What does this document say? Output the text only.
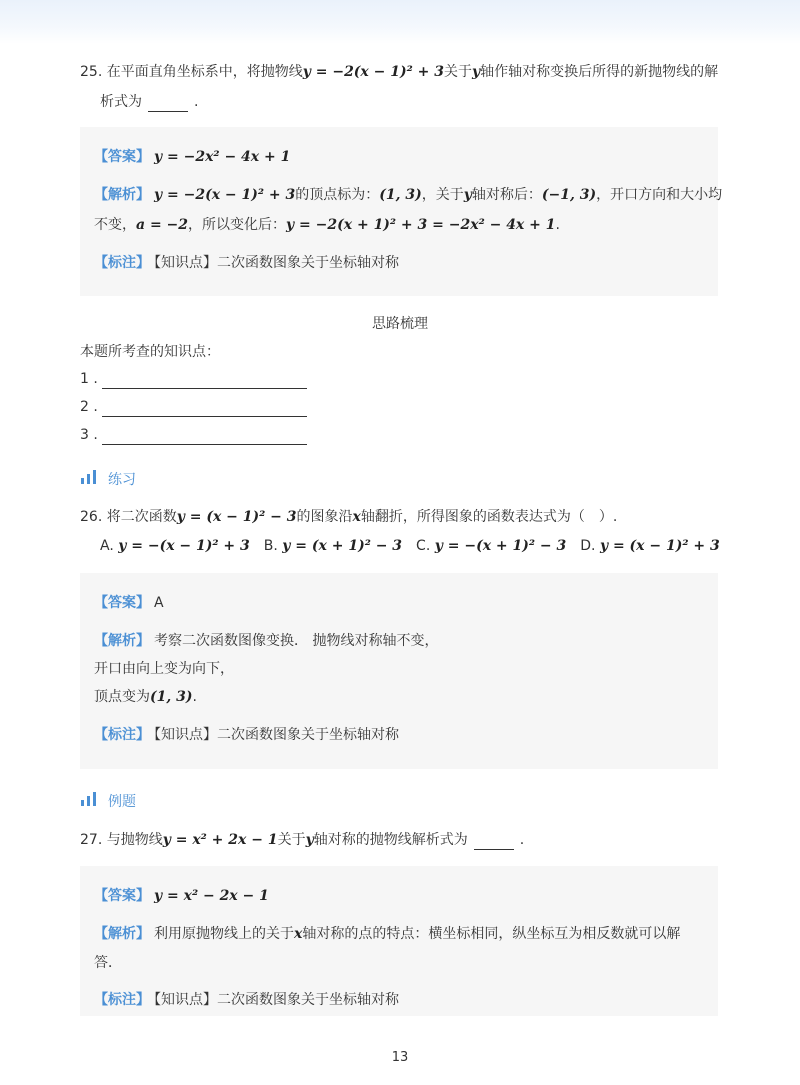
25. 在平面直角坐标系中，将抛物线y = −2(x − 1)² + 3关于y轴作轴对称变换后所得的新抛物线的解
析式为	.
【答案】 y = −2x² − 4x + 1
【解析】 y = −2(x − 1)² + 3的顶点标为：(1, 3)，关于y轴对称后：(−1, 3)，开口方向和大小均
不变，a = −2，所以变化后：y = −2(x + 1)² + 3 = −2x² − 4x + 1.
【标注】 【知识点】二次函数图象关于坐标轴对称
思路梳理
本题所考查的知识点：
1 .
2 .
3 .
练习
26. 将二次函数y = (x − 1)² − 3的图象沿x轴翻折，所得图象的函数表达式为（　）.
A. y = −(x − 1)² + 3 B. y = (x + 1)² − 3 C. y = −(x + 1)² − 3 D. y = (x − 1)² + 3
【答案】 A
【解析】 考察二次函数图像变换． 抛物线对称轴不变，
开口由向上变为向下，
顶点变为(1, 3).
【标注】 【知识点】二次函数图象关于坐标轴对称
例题
27. 与抛物线y = x² + 2x − 1关于y轴对称的抛物线解析式为	.
【答案】 y = x² − 2x − 1
【解析】 利用原抛物线上的关于x轴对称的点的特点：横坐标相同，纵坐标互为相反数就可以解
答．
【标注】 【知识点】二次函数图象关于坐标轴对称
13
